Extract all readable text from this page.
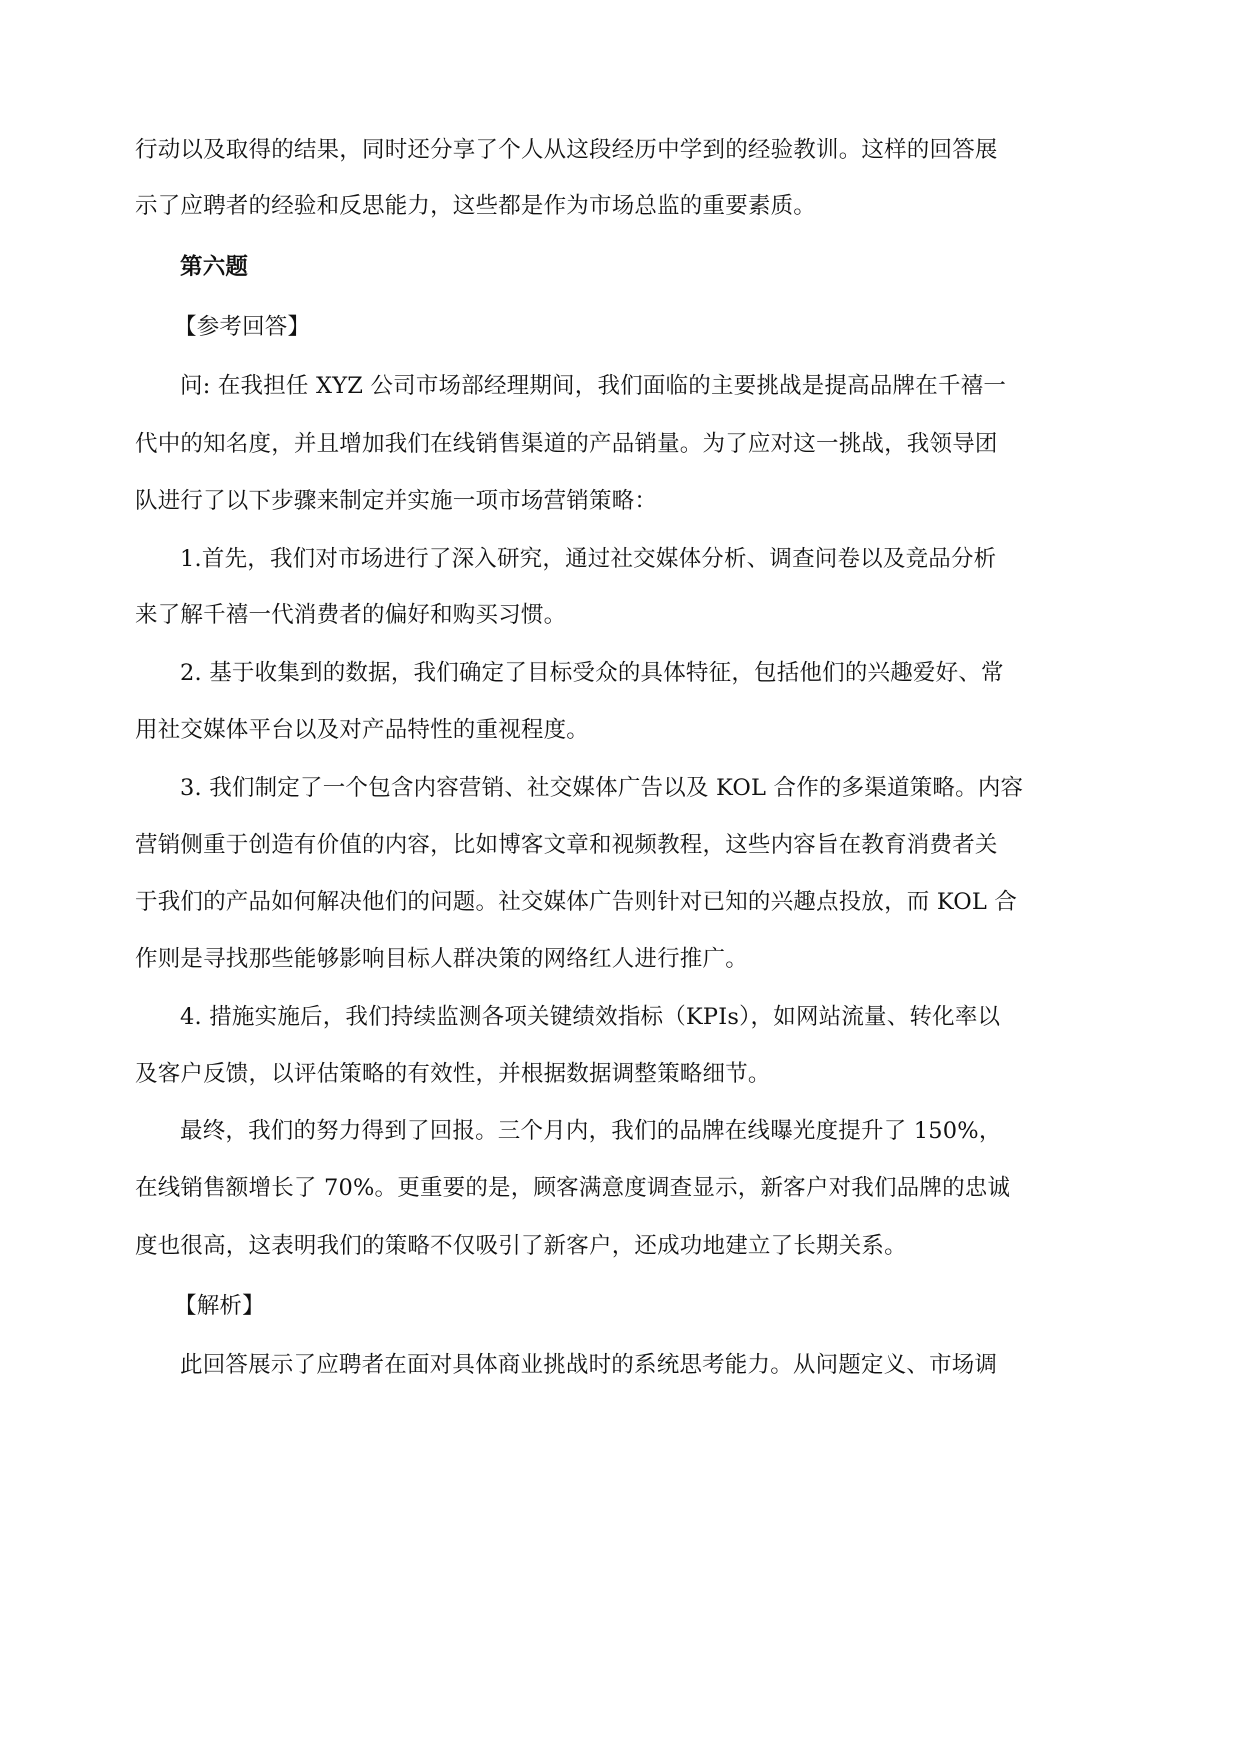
行动以及取得的结果，同时还分享了个人从这段经历中学到的经验教训。这样的回答展
示了应聘者的经验和反思能力，这些都是作为市场总监的重要素质。
第六题
【参考回答】
问: 在我担任 XYZ 公司市场部经理期间，我们面临的主要挑战是提高品牌在千禧一
代中的知名度，并且增加我们在线销售渠道的产品销量。为了应对这一挑战，我领导团
队进行了以下步骤来制定并实施一项市场营销策略：
1.首先，我们对市场进行了深入研究，通过社交媒体分析、调查问卷以及竞品分析
来了解千禧一代消费者的偏好和购买习惯。
2. 基于收集到的数据，我们确定了目标受众的具体特征，包括他们的兴趣爱好、常
用社交媒体平台以及对产品特性的重视程度。
3. 我们制定了一个包含内容营销、社交媒体广告以及 KOL 合作的多渠道策略。内容
营销侧重于创造有价值的内容，比如博客文章和视频教程，这些内容旨在教育消费者关
于我们的产品如何解决他们的问题。社交媒体广告则针对已知的兴趣点投放，而 KOL 合
作则是寻找那些能够影响目标人群决策的网络红人进行推广。
4. 措施实施后，我们持续监测各项关键绩效指标（KPIs），如网站流量、转化率以
及客户反馈，以评估策略的有效性，并根据数据调整策略细节。
最终，我们的努力得到了回报。三个月内，我们的品牌在线曝光度提升了 150%，
在线销售额增长了 70%。更重要的是，顾客满意度调查显示，新客户对我们品牌的忠诚
度也很高，这表明我们的策略不仅吸引了新客户，还成功地建立了长期关系。
【解析】
此回答展示了应聘者在面对具体商业挑战时的系统思考能力。从问题定义、市场调
